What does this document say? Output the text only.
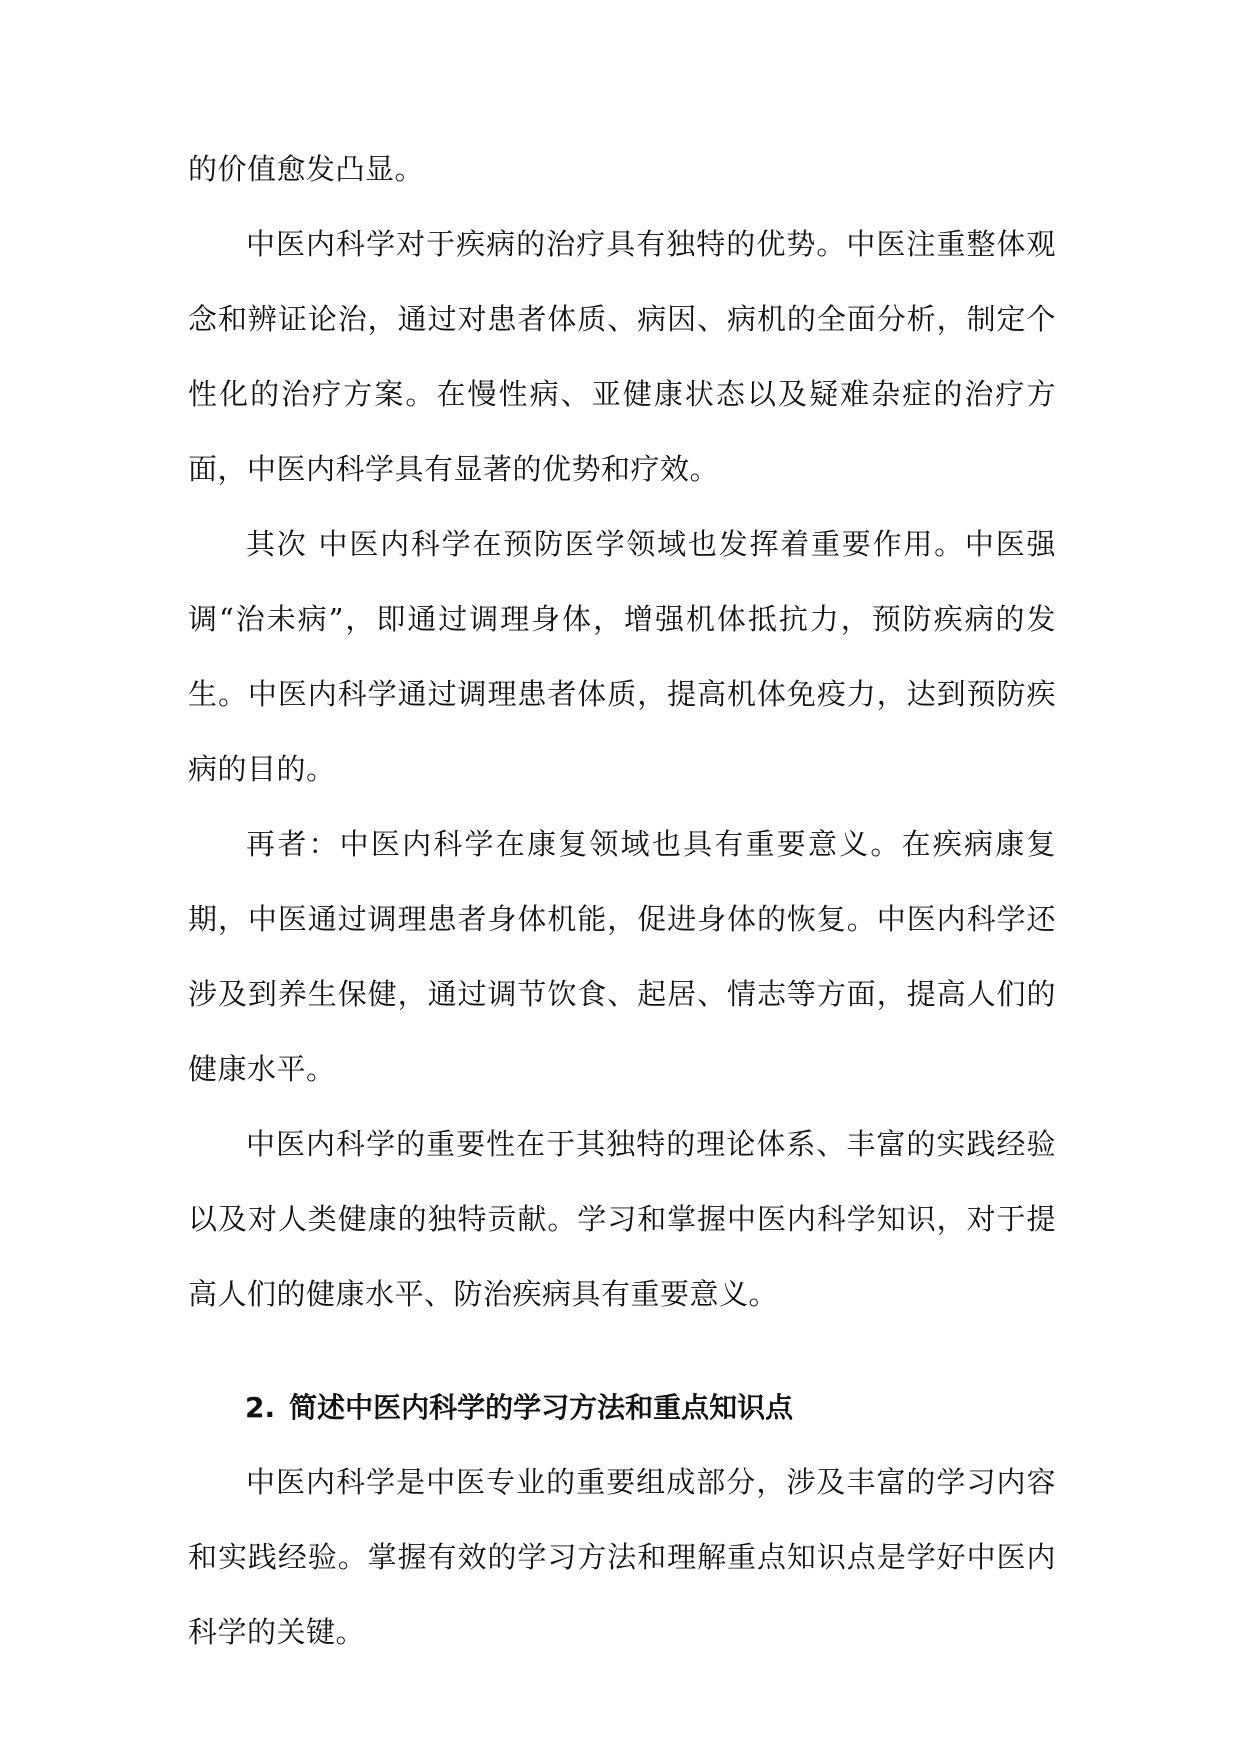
的价值愈发凸显。

中医内科学对于疾病的治疗具有独特的优势。中医注重整体观念和辨证论治，通过对患者体质、病因、病机的全面分析，制定个性化的治疗方案。在慢性病、亚健康状态以及疑难杂症的治疗方面，中医内科学具有显著的优势和疗效。

其次 中医内科学在预防医学领域也发挥着重要作用。中医强调“治未病”，即通过调理身体，增强机体抵抗力，预防疾病的发生。中医内科学通过调理患者体质，提高机体免疫力，达到预防疾病的目的。

再者：中医内科学在康复领域也具有重要意义。在疾病康复期，中医通过调理患者身体机能，促进身体的恢复。中医内科学还涉及到养生保健，通过调节饮食、起居、情志等方面，提高人们的健康水平。

中医内科学的重要性在于其独特的理论体系、丰富的实践经验以及对人类健康的独特贡献。学习和掌握中医内科学知识，对于提高人们的健康水平、防治疾病具有重要意义。

2. 简述中医内科学的学习方法和重点知识点

中医内科学是中医专业的重要组成部分，涉及丰富的学习内容和实践经验。掌握有效的学习方法和理解重点知识点是学好中医内科学的关键。
